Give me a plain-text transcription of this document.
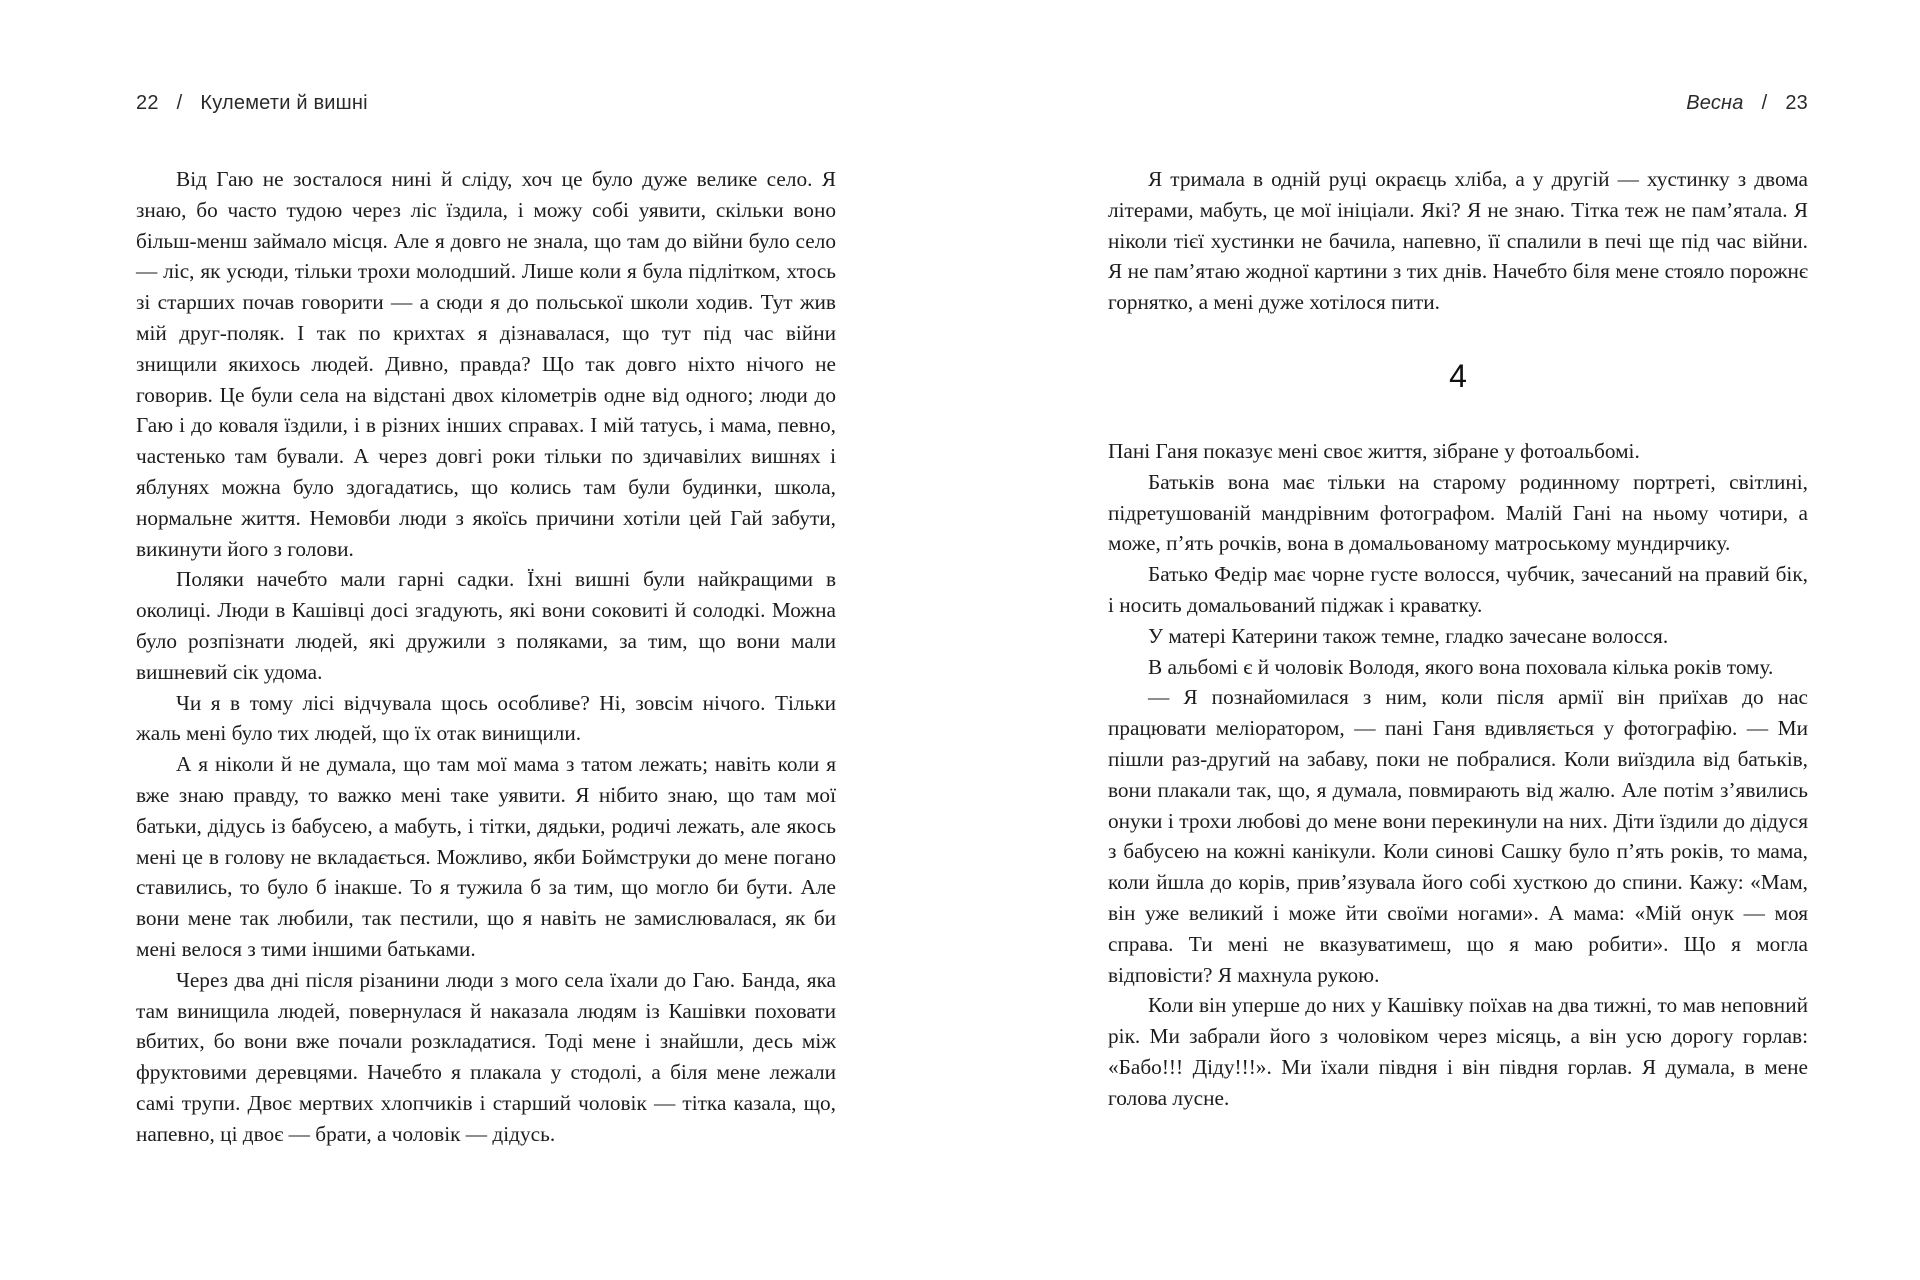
22 / Кулемети й вишні

Від Гаю не зосталося нині й сліду, хоч це було дуже велике село. Я знаю, бо часто тудою через ліс їздила, і можу собі уявити, скільки воно більш-менш займало місця. Але я довго не знала, що там до війни було село — ліс, як усюди, тільки трохи молодший. Лише коли я була підлітком, хтось зі старших почав говорити — а сюди я до польської школи ходив. Тут жив мій друг-поляк. І так по крихтах я дізнавалася, що тут під час війни знищили якихось людей. Дивно, правда? Що так довго ніхто нічого не говорив. Це були села на відстані двох кілометрів одне від одного; люди до Гаю і до коваля їздили, і в різних інших справах. І мій татусь, і мама, певно, частенько там бували. А через довгі роки тільки по здичавілих вишнях і яблунях можна було здогадатись, що колись там були будинки, школа, нормальне життя. Немовби люди з якоїсь причини хотіли цей Гай забути, викинути його з голови.

Поляки начебто мали гарні садки. Їхні вишні були найкращими в околиці. Люди в Кашівці досі згадують, які вони соковиті й солодкі. Можна було розпізнати людей, які дружили з поляками, за тим, що вони мали вишневий сік удома.

Чи я в тому лісі відчувала щось особливе? Ні, зовсім нічого. Тільки жаль мені було тих людей, що їх отак винищили.

А я ніколи й не думала, що там мої мама з татом лежать; навіть коли я вже знаю правду, то важко мені таке уявити. Я нібито знаю, що там мої батьки, дідусь із бабусею, а мабуть, і тітки, дядьки, родичі лежать, але якось мені це в голову не вкладається. Можливо, якби Боймструки до мене погано ставились, то було б інакше. То я тужила б за тим, що могло би бути. Але вони мене так любили, так пестили, що я навіть не замислювалася, як би мені велося з тими іншими батьками.

Через два дні після різанини люди з мого села їхали до Гаю. Банда, яка там винищила людей, повернулася й наказала людям із Кашівки поховати вбитих, бо вони вже почали розкладатися. Тоді мене і знайшли, десь між фруктовими деревцями. Начебто я плакала у стодолі, а біля мене лежали самі трупи. Двоє мертвих хлопчиків і старший чоловік — тітка казала, що, напевно, ці двоє — брати, а чоловік — дідусь.

Весна / 23

Я тримала в одній руці окраєць хліба, а у другій — хустинку з двома літерами, мабуть, це мої ініціали. Які? Я не знаю. Тітка теж не пам’ятала. Я ніколи тієї хустинки не бачила, напевно, її спалили в печі ще під час війни. Я не пам’ятаю жодної картини з тих днів. Начебто біля мене стояло порожнє горнятко, а мені дуже хотілося пити.

4

Пані Ганя показує мені своє життя, зібране у фотоальбомі.

Батьків вона має тільки на старому родинному портреті, світлині, підретушованій мандрівним фотографом. Малій Гані на ньому чотири, а може, п’ять рочків, вона в домальованому матроському мундирчику.

Батько Федір має чорне густе волосся, чубчик, зачесаний на правий бік, і носить домальований піджак і краватку.

У матері Катерини також темне, гладко зачесане волосся.

В альбомі є й чоловік Володя, якого вона поховала кілька років тому.

— Я познайомилася з ним, коли після армії він приїхав до нас працювати меліоратором, — пані Ганя вдивляється у фотографію. — Ми пішли раз-другий на забаву, поки не побралися. Коли виїздила від батьків, вони плакали так, що, я думала, повмирають від жалю. Але потім з’явились онуки і трохи любові до мене вони перекинули на них. Діти їздили до дідуся з бабусею на кожні канікули. Коли синові Сашку було п’ять років, то мама, коли йшла до корів, прив’язувала його собі хусткою до спини. Кажу: «Мам, він уже великий і може йти своїми ногами». А мама: «Мій онук — моя справа. Ти мені не вказуватимеш, що я маю робити». Що я могла відповісти? Я махнула рукою.

Коли він уперше до них у Кашівку поїхав на два тижні, то мав неповний рік. Ми забрали його з чоловіком через місяць, а він усю дорогу горлав: «Бабо!!! Діду!!!». Ми їхали півдня і він півдня горлав. Я думала, в мене голова лусне.
